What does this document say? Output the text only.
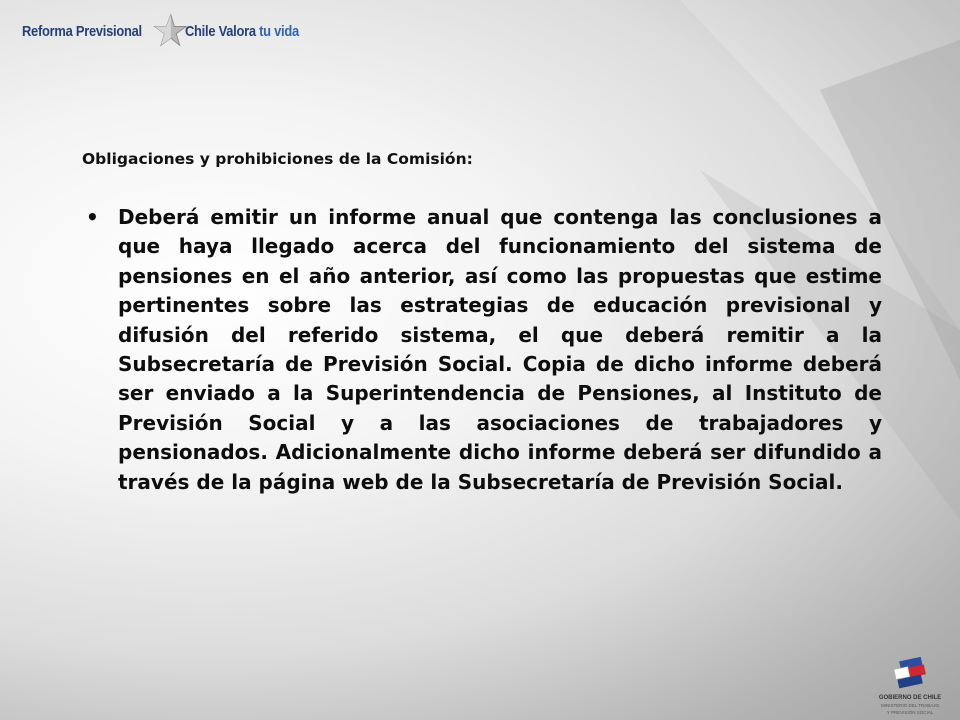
Reforma Previsional	Chile Valora tu vida

Obligaciones y prohibiciones de la Comisión:

• Deberá emitir un informe anual que contenga las conclusiones a que haya llegado acerca del funcionamiento del sistema de pensiones en el año anterior, así como las propuestas que estime pertinentes sobre las estrategias de educación previsional y difusión del referido sistema, el que deberá remitir a la Subsecretaría de Previsión Social. Copia de dicho informe deberá ser enviado a la Superintendencia de Pensiones, al Instituto de Previsión Social y a las asociaciones de trabajadores y pensionados. Adicionalmente dicho informe deberá ser difundido a través de la página web de la Subsecretaría de Previsión Social.
GOBIERNO DE CHILE
MINISTERIO DEL TRABAJO
Y PREVISIÓN SOCIAL
